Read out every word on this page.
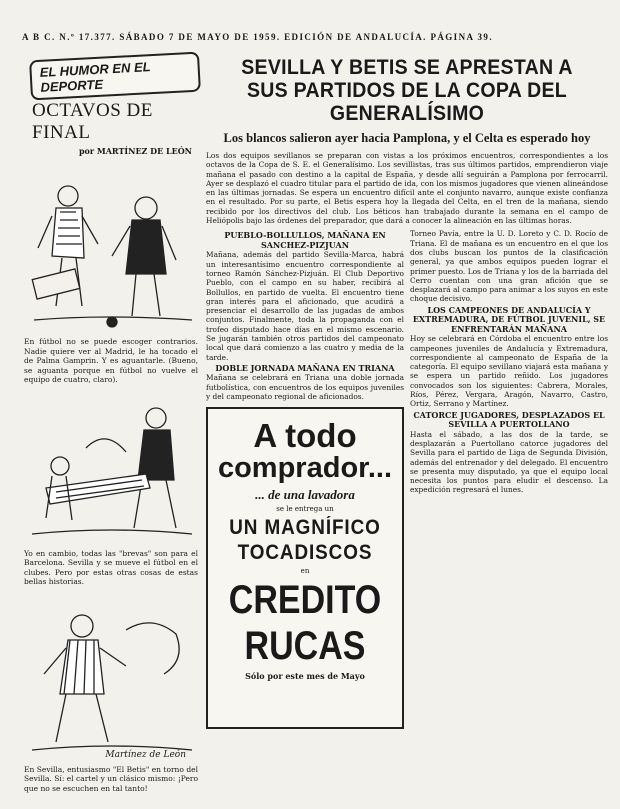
A B C. N.º 17.377. SÁBADO 7 DE MAYO DE 1959. EDICIÓN DE ANDALUCÍA. PÁGINA 39.
EL HUMOR EN EL DEPORTE
OCTAVOS DE FINAL
por MARTÍNEZ DE LEÓN
En fútbol no se puede escoger contrarios. Nadie quiere ver al Madrid, le ha tocado el de Palma Gamprin. Y es aguantarle. (Bueno, se aguanta porque en fútbol no vuelve el equipo de cuatro, claro).
Yo en cambio, todas las "brevas" son para el Barcelona. Sevilla y se mueve el fútbol en el clubes. Pero por estas otras cosas de estas bellas historias.
Martínez de León
En Sevilla, entusiasmo "El Betis" en torno del Sevilla. Sí: el cartel y un clásico mismo: ¡Pero que no se escuchen en tal tanto!
SEVILLA Y BETIS SE APRESTAN A SUS PARTIDOS DE LA COPA DEL GENERALÍSIMO
Los blancos salieron ayer hacia Pamplona, y el Celta es esperado hoy
Los dos equipos sevillanos se preparan con vistas a los próximos encuentros, correspondientes a los octavos de la Copa de S. E. el Generalísimo. Los sevillistas, tras sus últimos partidos, emprendieron viaje mañana el pasado con destino a la capital de España, y desde allí seguirán a Pamplona por ferrocarril. Ayer se desplazó el cuadro titular para el partido de ida, con los mismos jugadores que vienen alineándose en las últimas jornadas. Se espera un encuentro difícil ante el conjunto navarro, aunque existe confianza en el resultado. Por su parte, el Betis espera hoy la llegada del Celta, en el tren de la mañana, siendo recibido por los directivos del club. Los béticos han trabajado durante la semana en el campo de Heliópolis bajo las órdenes del preparador, que dará a conocer la alineación en las últimas horas.
PUEBLO-BOLLULLOS, MAÑANA EN SANCHEZ-PIZJUAN
Mañana, además del partido Sevilla-Marca, habrá un interesantísimo encuentro correspondiente al torneo Ramón Sánchez-Pizjuán. El Club Deportivo Pueblo, con el campo en su haber, recibirá al Bollullos, en partido de vuelta. El encuentro tiene gran interés para el aficionado, que acudirá a presenciar el desarrollo de las jugadas de ambos conjuntos. Finalmente, toda la propaganda con el trofeo disputado hace días en el mismo escenario. Se jugarán también otros partidos del campeonato local que dará comienzo a las cuatro y media de la tarde.
DOBLE JORNADA MAÑANA EN TRIANA
Mañana se celebrará en Triana una doble jornada futbolística, con encuentros de los equipos juveniles y del campeonato regional de aficionados.
A todo
comprador...
... de una lavadora
se le entrega un
UN MAGNÍFICO
TOCADISCOS
en
CREDITO
RUCAS
Sólo por este mes de Mayo
Torneo Pavía, entre la U. D. Loreto y C. D. Rocío de Triana. El de mañana es un encuentro en el que los dos clubs buscan los puntos de la clasificación general, ya que ambos equipos pueden lograr el primer puesto. Los de Triana y los de la barriada del Cerro cuentan con una gran afición que se desplazará al campo para animar a los suyos en este choque decisivo.
LOS CAMPEONES DE ANDALUCÍA Y EXTREMADURA, DE FÚTBOL JUVENIL, SE ENFRENTARÁN MAÑANA
Hoy se celebrará en Córdoba el encuentro entre los campeones juveniles de Andalucía y Extremadura, correspondiente al campeonato de España de la categoría. El equipo sevillano viajará esta mañana y se espera un partido reñido. Los jugadores convocados son los siguientes: Cabrera, Morales, Ríos, Pérez, Vergara, Aragón, Navarro, Castro, Ortiz, Serrano y Martínez.
CATORCE JUGADORES, DESPLAZADOS EL SEVILLA A PUERTOLLANO
Hasta el sábado, a las dos de la tarde, se desplazarán a Puertollano catorce jugadores del Sevilla para el partido de Liga de Segunda División, además del entrenador y del delegado. El encuentro se presenta muy disputado, ya que el equipo local necesita los puntos para eludir el descenso. La expedición regresará el lunes.
